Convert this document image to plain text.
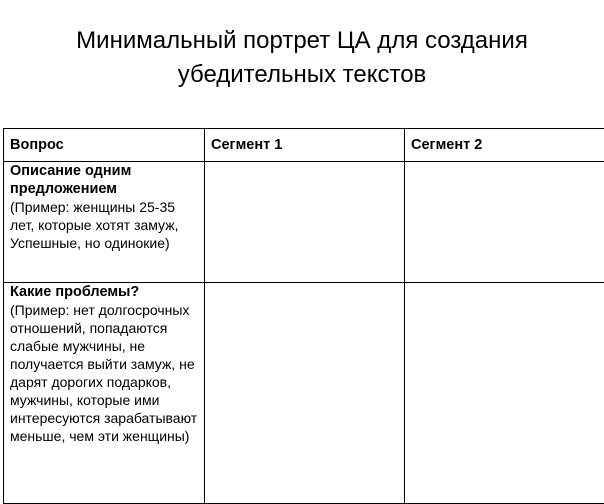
Минимальный портрет ЦА для создания
убедительных текстов
Вопрос	Сегмент 1	Сегмент 2

Описание одним предложением
(Пример: женщины 25-35 лет, которые хотят замуж, Успешные, но одинокие)		

Какие проблемы?
(Пример: нет долгосрочных отношений, попадаются слабые мужчины, не получается выйти замуж, не дарят дорогих подарков, мужчины, которые ими интересуются зарабатывают меньше, чем эти женщины)		
